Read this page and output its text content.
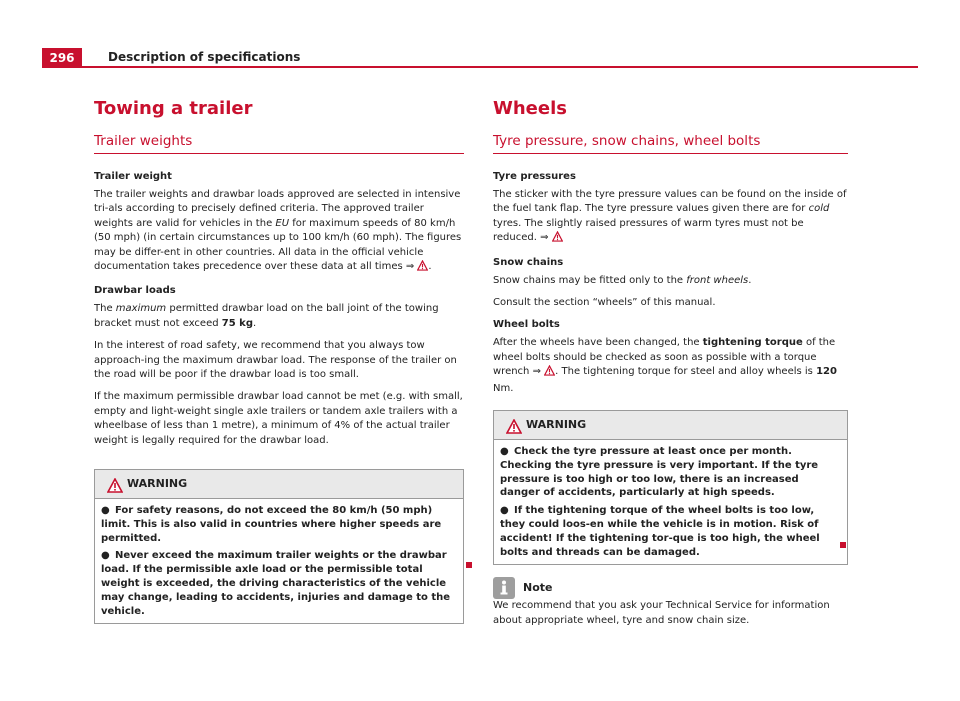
296	Description of specifications
Towing a trailer
Trailer weights

Trailer weight

The trailer weights and drawbar loads approved are selected in intensive tri-als according to precisely defined criteria. The approved trailer weights are valid for vehicles in the EU for maximum speeds of 80 km/h (50 mph) (in certain circumstances up to 100 km/h (60 mph). The figures may be differ-ent in other countries. All data in the official vehicle documentation takes precedence over these data at all times ⇒ .

Drawbar loads

The maximum permitted drawbar load on the ball joint of the towing bracket must not exceed 75 kg.

In the interest of road safety, we recommend that you always tow approach-ing the maximum drawbar load. The response of the trailer on the road will be poor if the drawbar load is too small.

If the maximum permissible drawbar load cannot be met (e.g. with small, empty and light-weight single axle trailers or tandem axle trailers with a wheelbase of less than 1 metre), a minimum of 4% of the actual trailer weight is legally required for the drawbar load.

WARNING

● For safety reasons, do not exceed the 80 km/h (50 mph) limit. This is also valid in countries where higher speeds are permitted.

● Never exceed the maximum trailer weights or the drawbar load. If the permissible axle load or the permissible total weight is exceeded, the driving characteristics of the vehicle may change, leading to accidents, injuries and damage to the vehicle.

Wheels
Tyre pressure, snow chains, wheel bolts

Tyre pressures

The sticker with the tyre pressure values can be found on the inside of the fuel tank flap. The tyre pressure values given there are for cold tyres. The slightly raised pressures of warm tyres must not be reduced. ⇒

Snow chains

Snow chains may be fitted only to the front wheels.

Consult the section “wheels” of this manual.

Wheel bolts

After the wheels have been changed, the tightening torque of the wheel bolts should be checked as soon as possible with a torque wrench ⇒ . The tightening torque for steel and alloy wheels is 120 Nm.

WARNING

● Check the tyre pressure at least once per month. Checking the tyre pressure is very important. If the tyre pressure is too high or too low, there is an increased danger of accidents, particularly at high speeds.

● If the tightening torque of the wheel bolts is too low, they could loos-en while the vehicle is in motion. Risk of accident! If the tightening tor-que is too high, the wheel bolts and threads can be damaged.

Note

We recommend that you ask your Technical Service for information about appropriate wheel, tyre and snow chain size.
